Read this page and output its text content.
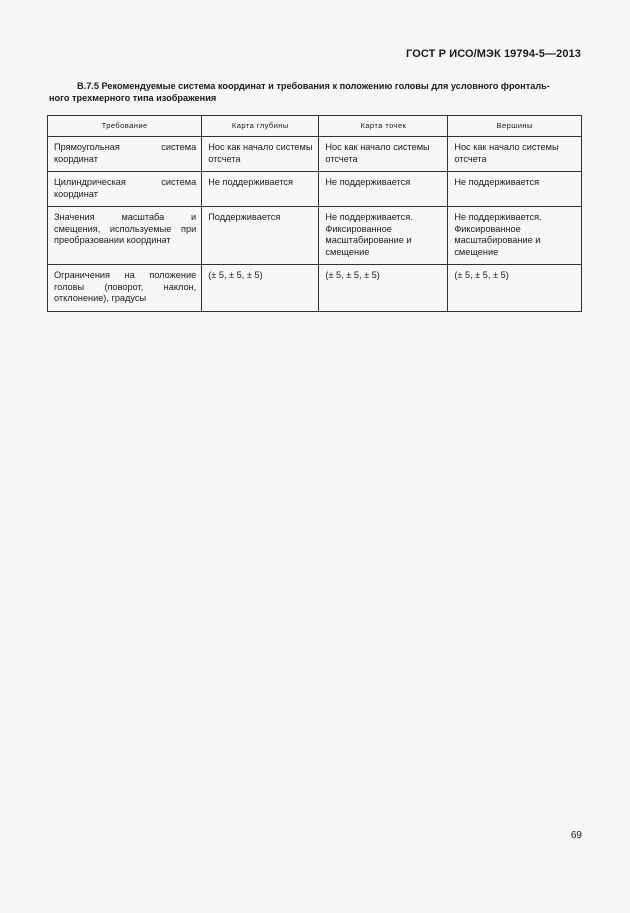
ГОСТ Р ИСО/МЭК 19794-5—2013
В.7.5 Рекомендуемые система координат и требования к положению головы для условного фронталь-
ного трехмерного типа изображения
Требование	Карта глубины	Карта точек	Вершины
Прямоугольная система координат	Нос как начало системы отсчета	Нос как начало системы отсчета	Нос как начало системы отсчета
Цилиндрическая система координат	Не поддерживается	Не поддерживается	Не поддерживается
Значения масштаба и смещения, используемые при преобразовании координат	Поддерживается	Не поддерживается. Фиксированное масштабирование и смещение	Не поддерживается. Фиксированное масштабирование и смещение
Ограничения на положение головы (поворот, наклон, отклонение), градусы	(± 5, ± 5, ± 5)	(± 5, ± 5, ± 5)	(± 5, ± 5, ± 5)
69
